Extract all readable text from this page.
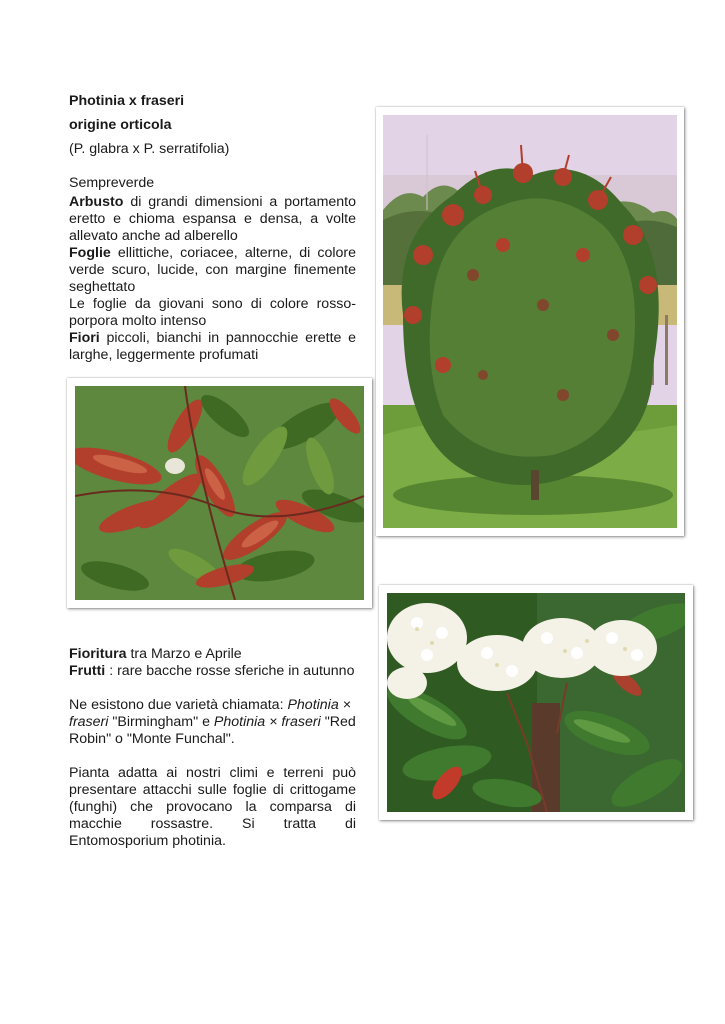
Photinia x fraseri
origine orticola
(P. glabra x P. serratifolia)
Sempreverde
Arbusto di grandi dimensioni a portamento eretto e chioma espansa e densa, a volte allevato anche ad alberello
Foglie ellittiche, coriacee, alterne, di colore verde scuro, lucide, con margine finemente seghettato
Le foglie da giovani sono di colore rosso-porpora molto intenso
Fiori piccoli, bianchi in pannocchie erette e larghe, leggermente profumati
Fioritura tra Marzo e Aprile
Frutti : rare bacche rosse sferiche in autunno
Ne esistono due varietà chiamata: Photinia × fraseri "Birmingham" e Photinia × fraseri "Red Robin" o "Monte Funchal".
Pianta adatta ai nostri climi e terreni può presentare attacchi sulle foglie di crittogame (funghi) che provocano la comparsa di macchie rossastre. Si tratta di Entomosporium photinia.
